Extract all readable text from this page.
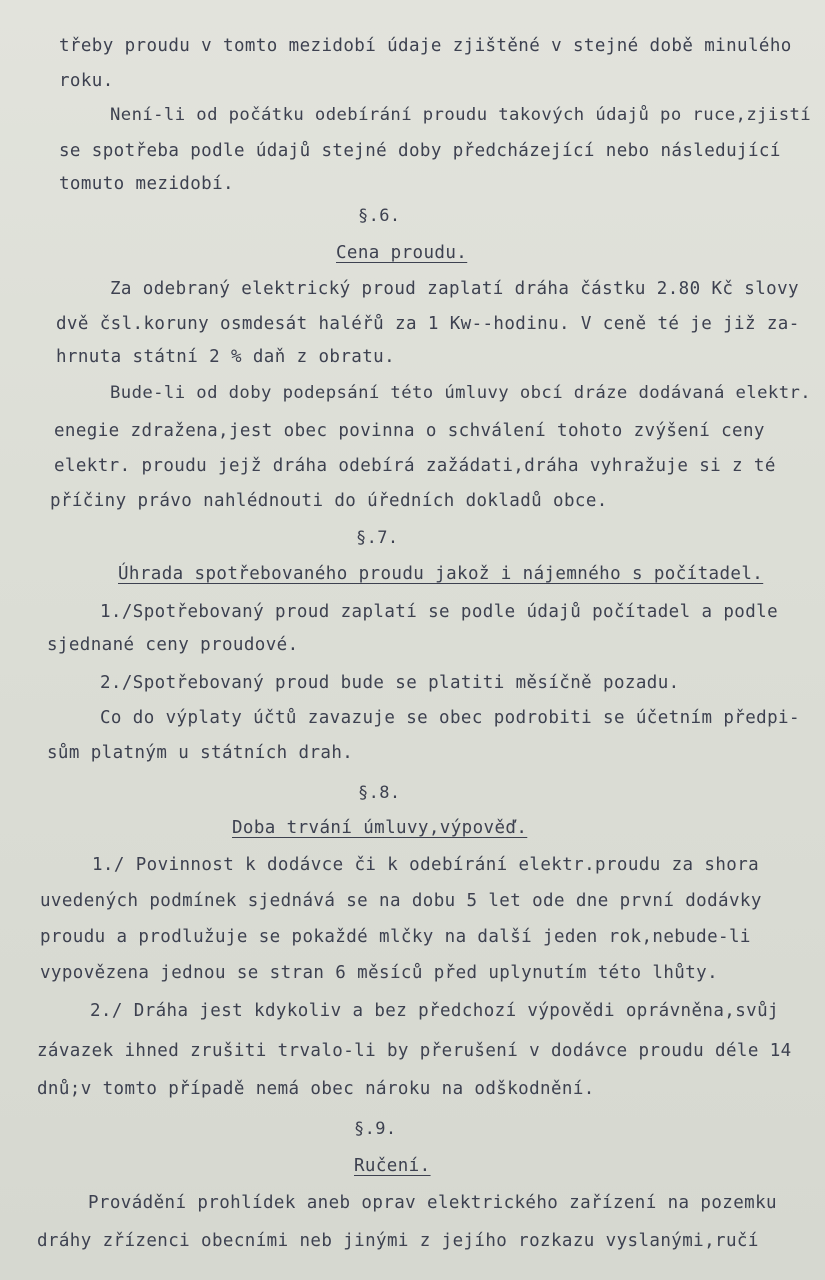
třeby proudu v tomto mezidobí údaje zjištěné v stejné době minulého
roku.
Není-li od počátku odebírání proudu takových údajů po ruce,zjistí
se spotřeba podle údajů stejné doby předcházející nebo následující
tomuto mezidobí.
§.6.
Cena proudu.
Za odebraný elektrický proud zaplatí dráha částku 2.80 Kč slovy
dvě čsl.koruny osmdesát haléřů za 1 Kw--hodinu. V ceně té je již za-
hrnuta státní 2 % daň z obratu.
Bude-li od doby podepsání této úmluvy obcí dráze dodávaná elektr.
enegie zdražena,jest obec povinna o schválení tohoto zvýšení ceny
elektr. proudu jejž dráha odebírá zažádati,dráha vyhražuje si z té
příčiny právo nahlédnouti do úředních dokladů obce.
§.7.
Úhrada spotřebovaného proudu jakož i nájemného s počítadel.
1./Spotřebovaný proud zaplatí se podle údajů počítadel a podle
sjednané ceny proudové.
2./Spotřebovaný proud bude se platiti měsíčně pozadu.
Co do výplaty účtů zavazuje se obec podrobiti se účetním předpi-
sům platným u státních drah.
§.8.
Doba trvání úmluvy,výpověď.
1./ Povinnost k dodávce či k odebírání elektr.proudu za shora
uvedených podmínek sjednává se na dobu 5 let ode dne první dodávky
proudu a prodlužuje se pokaždé mlčky na další jeden rok,nebude-li
vypovězena jednou se stran 6 měsíců před uplynutím této lhůty.
2./ Dráha jest kdykoliv a bez předchozí výpovědi oprávněna,svůj
závazek ihned zrušiti trvalo-li by přerušení v dodávce proudu déle 14
dnů;v tomto případě nemá obec nároku na odškodnění.
§.9.
Ručení.
Provádění prohlídek aneb oprav elektrického zařízení na pozemku
dráhy zřízenci obecními neb jinými z jejího rozkazu vyslanými,ručí
